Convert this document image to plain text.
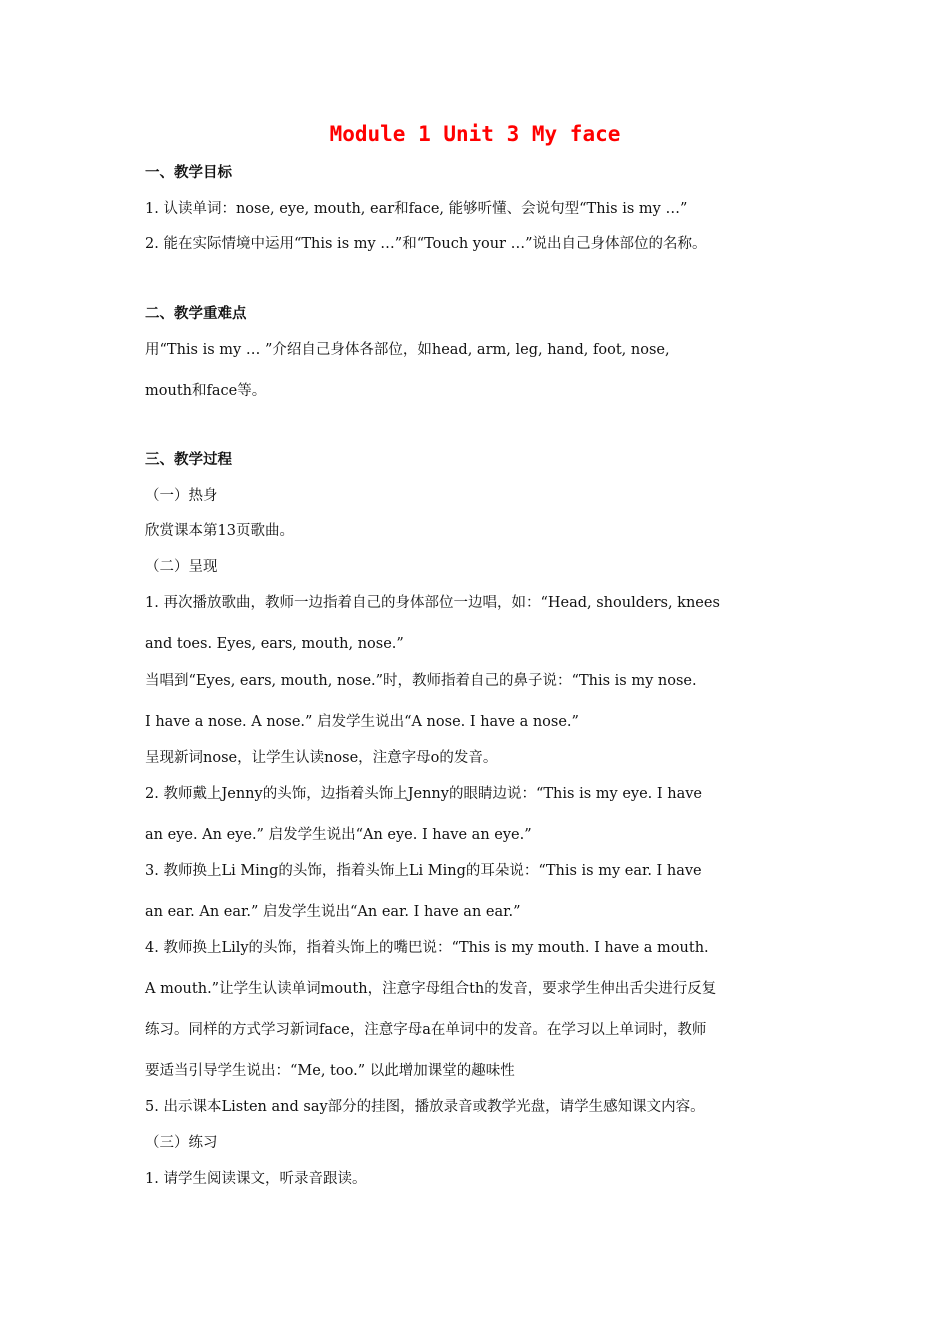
Module 1 Unit 3 My face
一、教学目标
1. 认读单词：nose, eye, mouth, ear和face, 能够听懂、会说句型“This is my …”
2. 能在实际情境中运用“This is my …”和“Touch your …”说出自己身体部位的名称。
二、教学重难点
用“This is my … ”介绍自己身体各部位，如head, arm, leg, hand, foot, nose,
mouth和face等。
三、教学过程
（一）热身
欣赏课本第13页歌曲。
（二）呈现
1. 再次播放歌曲，教师一边指着自己的身体部位一边唱，如：“Head, shoulders, knees
and toes. Eyes, ears, mouth, nose.”
当唱到“Eyes, ears, mouth, nose.”时，教师指着自己的鼻子说：“This is my nose.
I have a nose. A nose.” 启发学生说出“A nose. I have a nose.”
呈现新词nose，让学生认读nose，注意字母o的发音。
2. 教师戴上Jenny的头饰，边指着头饰上Jenny的眼睛边说：“This is my eye. I have
an eye. An eye.” 启发学生说出“An eye. I have an eye.”
3. 教师换上Li Ming的头饰，指着头饰上Li Ming的耳朵说：“This is my ear. I have
an ear. An ear.” 启发学生说出“An ear. I have an ear.”
4. 教师换上Lily的头饰，指着头饰上的嘴巴说：“This is my mouth. I have a mouth.
A mouth.”让学生认读单词mouth，注意字母组合th的发音，要求学生伸出舌尖进行反复
练习。同样的方式学习新词face，注意字母a在单词中的发音。在学习以上单词时，教师
要适当引导学生说出：“Me, too.” 以此增加课堂的趣味性
5. 出示课本Listen and say部分的挂图，播放录音或教学光盘，请学生感知课文内容。
（三）练习
1. 请学生阅读课文，听录音跟读。
